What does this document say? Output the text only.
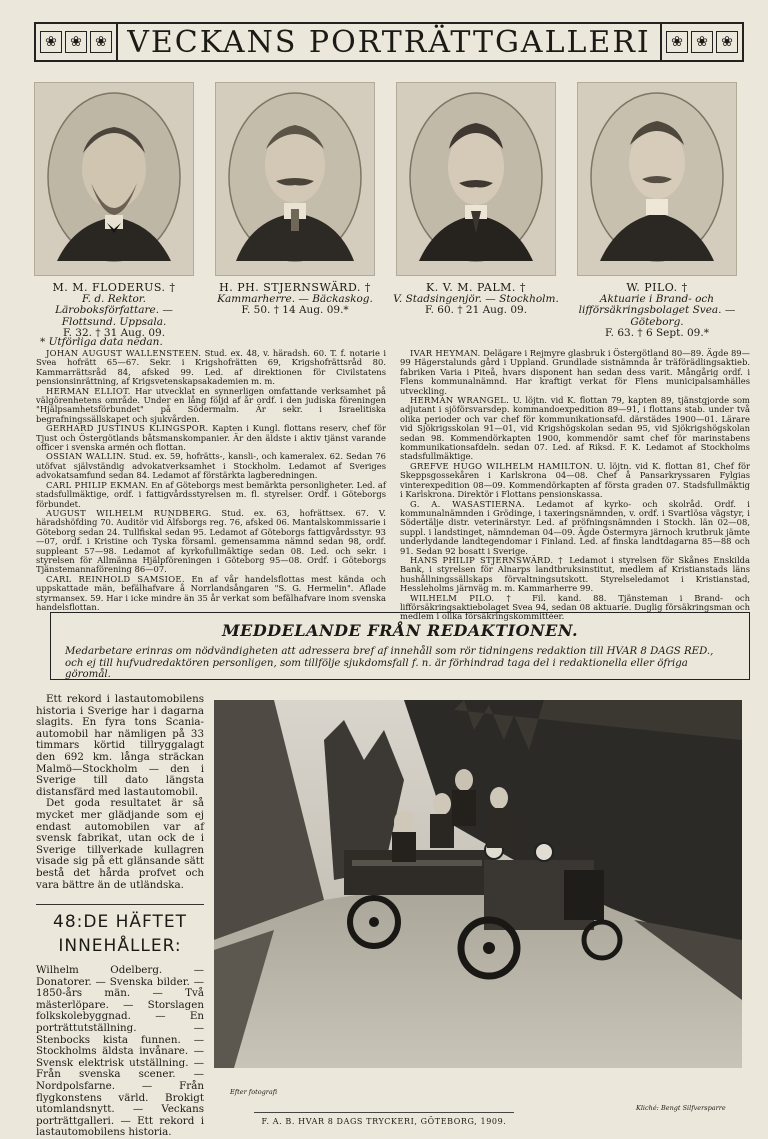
❀ ❀ ❀ VECKANS PORTRÄTTGALLERI	❀ ❀ ❀
M. M. FLODERUS. †
F. d. Rektor. Läroboksförfattare. — Flottsund. Uppsala.
F. 32. † 31 Aug. 09.
H. PH. STJERNSWÄRD. †
Kammarherre. — Bäckaskog.
F. 50. † 14 Aug. 09.*
K. V. M. PALM. †
V. Stadsingenjör. — Stockholm.
F. 60. † 21 Aug. 09.
W. PILO. †
Aktuarie i Brand- och lifförsäkringsbolaget Svea. — Göteborg.
F. 63. † 6 Sept. 09.*
* Utförliga data nedan.

JOHAN AUGUST WALLENSTEEN. Stud. ex. 48, v. häradsh. 60. T. f. notarie i Svea hofrätt 65—67. Sekr. i Krigshofrätten 69, Krigshofrättsråd 80. Kammarrättsråd 84, afsked 99. Led. af direktionen för Civilstatens pensionsinrättning, af Krigsvetenskapsakademien m. m.

HERMAN ELLIOT. Har utvecklat en synnerligen omfattande verksamhet på välgörenhetens område. Under en lång följd af år ordf. i den judiska föreningen "Hjälpsamhetsförbundet" på Södermalm. Är sekr. i Israelitiska begrafningssällskapet och sjukvården.

GERHARD JUSTINUS KLINGSPOR. Kapten i Kungl. flottans reserv, chef för Tjust och Östergötlands båtsmanskompanier. Är den äldste i aktiv tjänst varande officer i svenska armén och flottan.

OSSIAN WALLIN. Stud. ex. 59, hofrätts-, kansli-, och kameralex. 62. Sedan 76 utöfvat självständig advokatverksamhet i Stockholm. Ledamot af Sveriges advokatsamfund sedan 84. Ledamot af förstärkta lagberedningen.

CARL PHILIP EKMAN. En af Göteborgs mest bemärkta personligheter. Led. af stadsfullmäktige, ordf. i fattigvårdsstyrelsen m. fl. styrelser. Ordf. i Göteborgs förbundet.

AUGUST WILHELM RUNDBERG. Stud. ex. 63, hofrättsex. 67. V. häradshöfding 70. Auditör vid Älfsborgs reg. 76, afsked 06. Mantalskommissarie i Göteborg sedan 24. Tullfiskal sedan 95. Ledamot af Göteborgs fattigvårdsstyr. 93—07, ordf. i Kristine och Tyska församl. gemensamma nämnd sedan 98, ordf. suppleant 57—98. Ledamot af kyrkofullmäktige sedan 08. Led. och sekr. i styrelsen för Allmänna Hjälpföreningen i Göteborg 95—08. Ordf. i Göteborgs Tjänstemannaförening 86—07.

CARL REINHOLD SAMSIOE. En af vår handelsflottas mest kända och uppskattade män, befälhafvare å Norrlandsångaren "S. G. Hermelin". Aflade styrmansex. 59. Har i icke mindre än 35 år verkat som befälhafvare inom svenska handelsflottan.

IVAR HEYMAN. Delägare i Rejmyre glasbruk i Östergötland 80—89. Ägde 89—99 Hägerstalunds gård i Uppland. Grundlade sistnämnda år träförädlingsaktieb. fabriken Varia i Piteå, hvars disponent han sedan dess varit. Mångårig ordf. i Flens kommunalnämnd. Har kraftigt verkat för Flens municipalsamhälles utveckling.

HERMAN WRANGEL. U. löjtn. vid K. flottan 79, kapten 89, tjänstgjorde som adjutant i sjöförsvarsdep. kommandoexpedition 89—91, i flottans stab. under två olika perioder och var chef för kommunikationsafd. därstädes 1900—01. Lärare vid Sjökrigsskolan 91—01, vid Krigshögskolan sedan 95, vid Sjökrigshögskolan sedan 98. Kommendörkapten 1900, kommendör samt chef för marinstabens kommunikationsafdeln. sedan 07. Led. af Riksd. F. K. Ledamot af Stockholms stadsfullmäktige.

GREFVE HUGO WILHELM HAMILTON. U. löjtn. vid K. flottan 81, Chef för Skeppsgossekåren i Karlskrona 04—08. Chef å Pansarkryssaren Fylgias vinterexpedition 08—09. Kommendörkapten af första graden 07. Stadsfullmäktig i Karlskrona. Direktör i Flottans pensionskassa.

G. A. WASASTIERNA. Ledamot af kyrko- och skolråd. Ordf. i kommunalnämnden i Grödinge, i taxeringsnämnden, v. ordf. i Svartlösa vägstyr, i Södertälje distr. veterinärstyr. Led. af pröfningsnämnden i Stockh. län 02—08, suppl. i landstinget, nämndeman 04—09. Ägde Östermyra järnoch krutbruk jämte underlydande landtegendomar i Finland. Led. af finska landtdagarna 85—88 och 91. Sedan 92 bosatt i Sverige.

HANS PHILIP STJERNSWÄRD. † Ledamot i styrelsen för Skånes Enskilda Bank, i styrelsen för Alnarps landtbruksinstitut, medlem af Kristianstads läns hushållningssällskaps förvaltningsutskott. Styrelseledamot i Kristianstad, Hessleholms järnväg m. m. Kammarherre 99.

WILHELM PILO. † Fil. kand. 88. Tjänsteman i Brand- och lifförsäkringsaktiebolaget Svea 94, sedan 08 aktuarie. Duglig försäkringsman och medlem i olika försäkringskommittéer.

MEDDELANDE FRÅN REDAKTIONEN.
Medarbetare erinras om nödvändigheten att adressera bref af innehåll som rör tidningens redaktion till HVAR 8 DAGS RED., och ej till hufvudredaktören personligen, som tillfölje sjukdomsfall f. n. är förhindrad taga del i redaktionella eller öfriga göromål.

Ett rekord i lastautomobilens historia i Sverige har i dagarna slagits. En fyra tons Scania-automobil har nämligen på 33 timmars körtid tillryggalagt den 692 km. långa sträckan Malmö—Stockholm — den i Sverige till dato längsta distansfärd med lastautomobil.

Det goda resultatet är så mycket mer glädjande som ej endast automobilen var af svensk fabrikat, utan ock de i Sverige tillverkade kullagren visade sig på ett glänsande sätt bestå det hårda profvet och vara bättre än de utländska.

48:DE HÄFTET
INNEHÅLLER:
Wilhelm Odelberg. — Donatorer. — Svenska bilder. — 1850-års män. — Två mästerlöpare. — Storslagen folkskolebyggnad. — En porträttutställning. — Stenbocks kista funnen. — Stockholms äldsta invånare. — Svensk elektrisk utställning. — Från svenska scener. — Nordpolsfarne. — Från flygkonstens värld. Brokigt utomlandsnytt. — Veckans porträttgalleri. — Ett rekord i lastautomobilens historia.
Efter fotografi
Kliché: Bengt Silfversparre
F. A. B. HVAR 8 DAGS TRYCKERI, GÖTEBORG, 1909.
